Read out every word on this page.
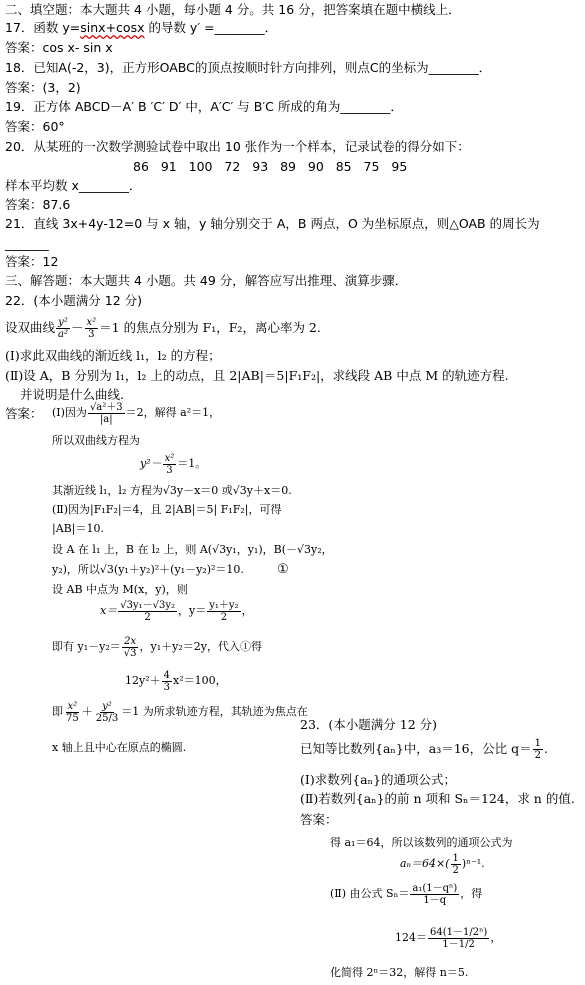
二、填空题：本大题共 4 小题，每小题 4 分。共 16 分，把答案填在题中横线上．
17．函数 y=sinx+cosx 的导数 y′ =________．
答案：cos x- sin x
18．已知A(-2，3)，正方形OABC的顶点按顺时针方向排列，则点C的坐标为________．
答案：(3，2)
19．正方体 ABCD－A′ B ′C′ D′ 中，A′C′ 与 B′C 所成的角为________．
答案：60°
20．从某班的一次数学测验试卷中取出 10 张作为一个样本，记录试卷的得分如下：
86   91   100   72   93   89   90   85   75   95
样本平均数 x________．
答案：87.6
21．直线 3x+4y-12=0 与 x 轴，y 轴分别交于 A，B 两点，O 为坐标原点，则△OAB 的周长为
_______
答案：12
三、解答题：本大题共 4 小题。共 49 分，解答应写出推理、演算步骤．
22．(本小题满分 12 分)
设双曲线 $\frac{\text{y²}}{\text{a²}} - \frac{\text{x²}}{3} =1$ 的焦点分别为 F₁，F₂，离心率为 2.
(Ⅰ)求此双曲线的渐近线 l₁，l₂ 的方程；
(Ⅱ)设 A，B 分别为 l₁，l₂ 上的动点，且 2|AB|＝5|F₁F₂|，求线段 AB 中点 M 的轨迹方程.
并说明是什么曲线.
答案： (Ⅰ)因为 $\frac{\text{√a²＋3}}{|a|} =2$，解得 a²＝1，
所以双曲线方程为
$y^2- \frac{\text{x²}}{3} =1$。
其渐近线 l₁，l₂ 方程为√3y－x＝0 或√3y＋x＝0.
(Ⅱ)因为|F₁F₂|＝4，且 2|AB|＝5| F₁F₂|，可得
|AB|＝10.
设 A 在 l₁ 上，B 在 l₂ 上，则 A(√3y₁，y₁)，B(－√3y₂，
y₂)，所以√3(y₁＋y₂)²＋(y₁－y₂)²＝10.	①
设 AB 中点为 M(x，y)，则
$x= \frac{\text{√3y₁－√3y₂}}{2}$ ，$y= \frac{\text{y₁＋y₂}}{2}$ ，
即有 $y_1-y_2= \frac{2x}{√3}$ ，y₁＋y₂＝2y，代入①得
$12y^2+ \frac{4}{3} x^2=100$，
即 $\frac{\text{x²}}{75} + \frac{\text{y²}}{25/3} =1$ 为所求轨迹方程，其轨迹为焦点在
x 轴上且中心在原点的椭圆.
23．(本小题满分 12 分)
已知等比数列{aₙ}中，a₃＝16，公比 $q= \frac{1}{2}$ .
(Ⅰ)求数列{aₙ}的通项公式；
(Ⅱ)若数列{aₙ}的前 n 项和 Sₙ＝124，求 n 的值.
答案：
得 a₁＝64，所以该数列的通项公式为
$a_n=64\times( \frac{1}{2} )^{n-1}$.
(Ⅱ) 由公式 $S_n= \frac{\text{a₁(1－qⁿ)}}{1-q}$ ，得
$124= \frac{\text{64(1－1/2ⁿ)}}{1-1/2}$ ，
化简得 2ⁿ＝32，解得 n＝5.
